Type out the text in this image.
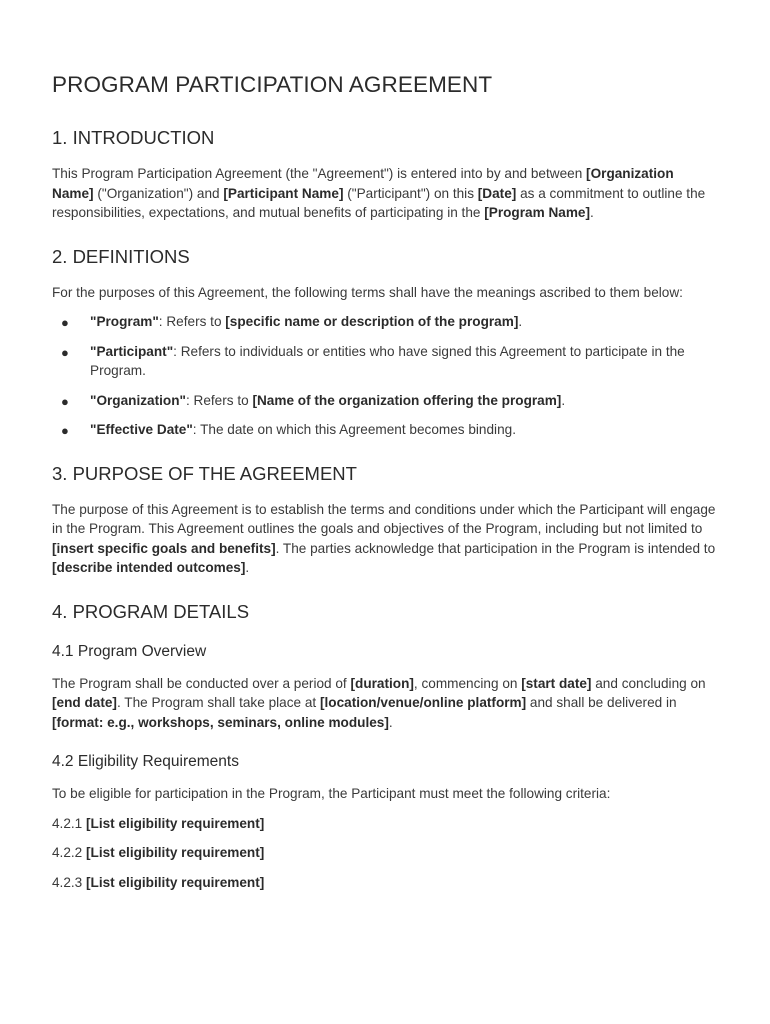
PROGRAM PARTICIPATION AGREEMENT
1. INTRODUCTION

This Program Participation Agreement (the "Agreement") is entered into by and between [Organization Name] ("Organization") and [Participant Name] ("Participant") on this [Date] as a commitment to outline the responsibilities, expectations, and mutual benefits of participating in the [Program Name].

2. DEFINITIONS

For the purposes of this Agreement, the following terms shall have the meanings ascribed to them below:

● "Program": Refers to [specific name or description of the program].
● "Participant": Refers to individuals or entities who have signed this Agreement to participate in the Program.
● "Organization": Refers to [Name of the organization offering the program].
● "Effective Date": The date on which this Agreement becomes binding.
3. PURPOSE OF THE AGREEMENT

The purpose of this Agreement is to establish the terms and conditions under which the Participant will engage in the Program. This Agreement outlines the goals and objectives of the Program, including but not limited to [insert specific goals and benefits]. The parties acknowledge that participation in the Program is intended to [describe intended outcomes].

4. PROGRAM DETAILS
4.1 Program Overview

The Program shall be conducted over a period of [duration], commencing on [start date] and concluding on [end date]. The Program shall take place at [location/venue/online platform] and shall be delivered in [format: e.g., workshops, seminars, online modules].

4.2 Eligibility Requirements

To be eligible for participation in the Program, the Participant must meet the following criteria:

4.2.1 [List eligibility requirement]

4.2.2 [List eligibility requirement]

4.2.3 [List eligibility requirement]
